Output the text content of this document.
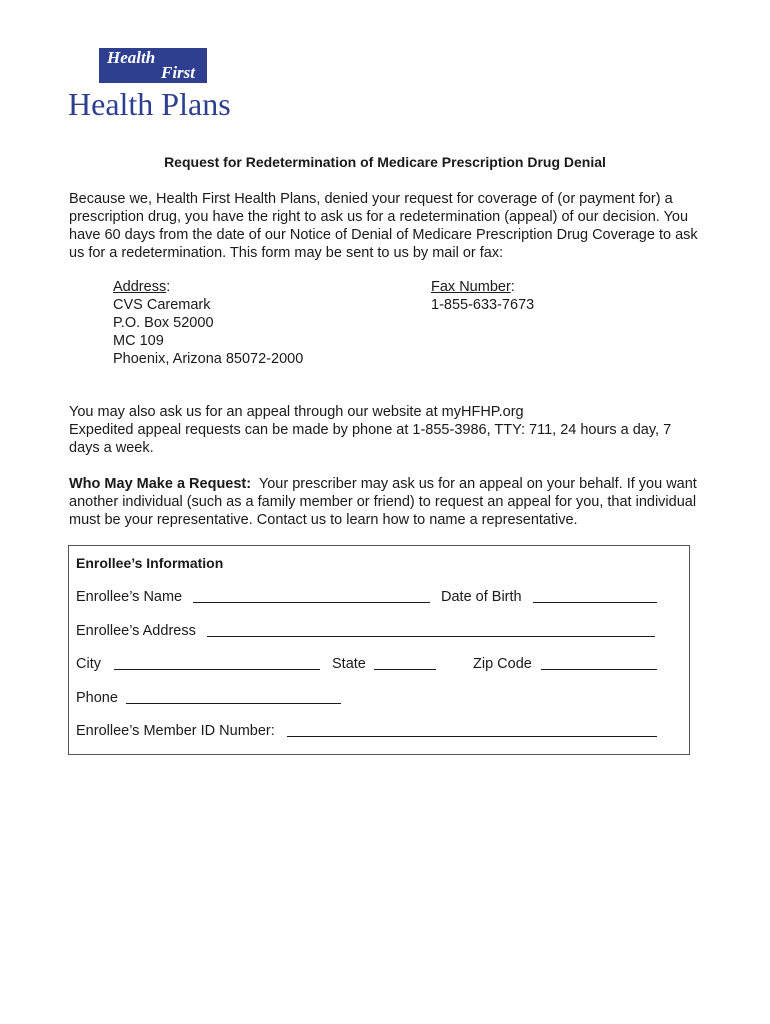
Health
First
Health Plans
Request for Redetermination of Medicare Prescription Drug Denial
Because we, Health First Health Plans, denied your request for coverage of (or payment for) a prescription drug, you have the right to ask us for a redetermination (appeal) of our decision. You have 60 days from the date of our Notice of Denial of Medicare Prescription Drug Coverage to ask us for a redetermination. This form may be sent to us by mail or fax:
Address:
CVS Caremark
P.O. Box 52000
MC 109
Phoenix, Arizona 85072-2000
Fax Number:
1-855-633-7673
You may also ask us for an appeal through our website at myHFHP.org
Expedited appeal requests can be made by phone at 1-855-3986, TTY: 711, 24 hours a day, 7 days a week.
Who May Make a Request: Your prescriber may ask us for an appeal on your behalf. If you want another individual (such as a family member or friend) to request an appeal for you, that individual must be your representative. Contact us to learn how to name a representative.
Enrollee’s Information
Enrollee’s Name	Date of Birth
Enrollee’s Address
City	State	Zip Code
Phone
Enrollee’s Member ID Number:
